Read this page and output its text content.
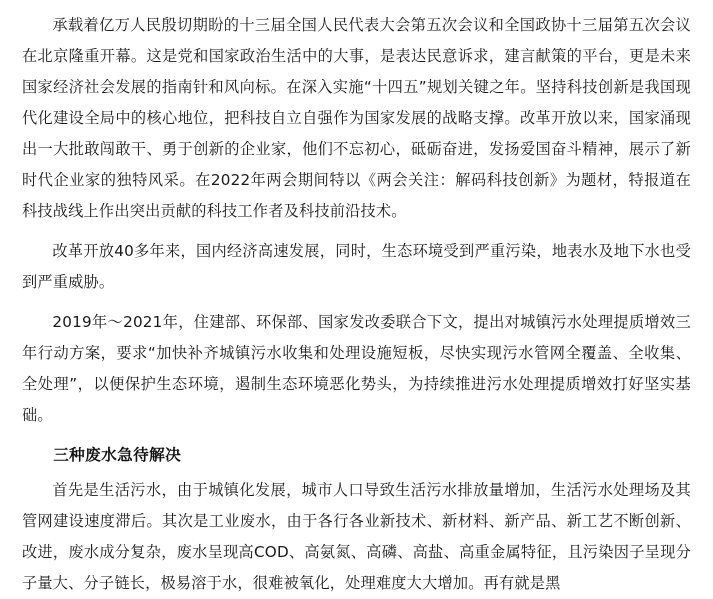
承载着亿万人民殷切期盼的十三届全国人民代表大会第五次会议和全国政协十三届第五次会议在北京隆重开幕。这是党和国家政治生活中的大事，是表达民意诉求，建言献策的平台，更是未来国家经济社会发展的指南针和风向标。在深入实施“十四五”规划关键之年。坚持科技创新是我国现代化建设全局中的核心地位，把科技自立自强作为国家发展的战略支撑。改革开放以来，国家涌现出一大批敢闯敢干、勇于创新的企业家，他们不忘初心，砥砺奋进，发扬爱国奋斗精神，展示了新时代企业家的独特风采。在2022年两会期间特以《两会关注：解码科技创新》为题材，特报道在科技战线上作出突出贡献的科技工作者及科技前沿技术。

改革开放40多年来，国内经济高速发展，同时，生态环境受到严重污染，地表水及地下水也受到严重威胁。

2019年～2021年，住建部、环保部、国家发改委联合下文，提出对城镇污水处理提质增效三年行动方案，要求“加快补齐城镇污水收集和处理设施短板，尽快实现污水管网全覆盖、全收集、全处理”，以便保护生态环境，遏制生态环境恶化势头，为持续推进污水处理提质增效打好坚实基础。

三种废水急待解决

首先是生活污水，由于城镇化发展，城市人口导致生活污水排放量增加，生活污水处理场及其管网建设速度滞后。其次是工业废水，由于各行各业新技术、新材料、新产品、新工艺不断创新、改进，废水成分复杂，废水呈现高COD、高氨氮、高磷、高盐、高重金属特征，且污染因子呈现分子量大、分子链长，极易溶于水，很难被氧化，处理难度大大增加。再有就是黑
